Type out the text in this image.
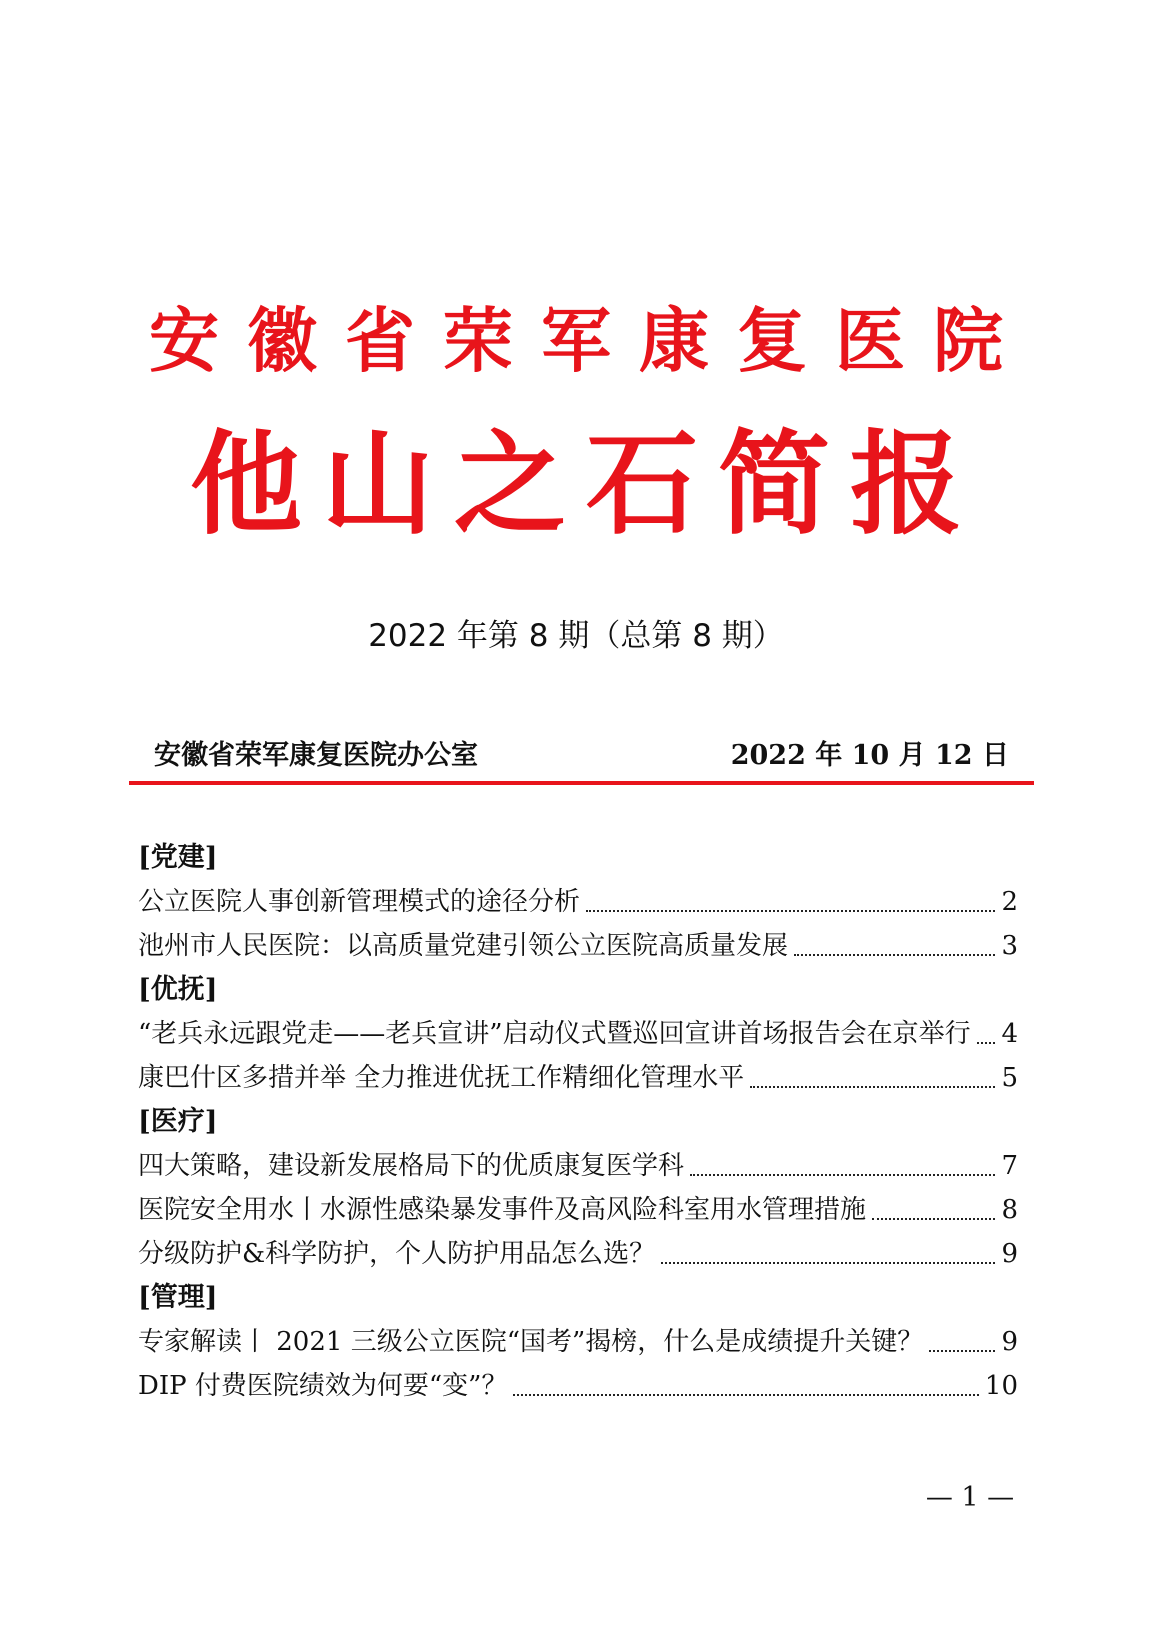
安徽省荣军康复医院
他山之石简报
2022 年第 8 期（总第 8 期）
安徽省荣军康复医院办公室	2022 年 10 月 12 日
[党建]
公立医院人事创新管理模式的途径分析	2
池州市人民医院：以高质量党建引领公立医院高质量发展	3
[优抚]
“老兵永远跟党走——老兵宣讲”启动仪式暨巡回宣讲首场报告会在京举行 4
康巴什区多措并举 全力推进优抚工作精细化管理水平	5
[医疗]
四大策略，建设新发展格局下的优质康复医学科	7
医院安全用水丨水源性感染暴发事件及高风险科室用水管理措施	8
分级防护&科学防护，个人防护用品怎么选？	9
[管理]
专家解读丨 2021 三级公立医院“国考”揭榜，什么是成绩提升关键？	9
DIP 付费医院绩效为何要“变”？	10
— 1 —
